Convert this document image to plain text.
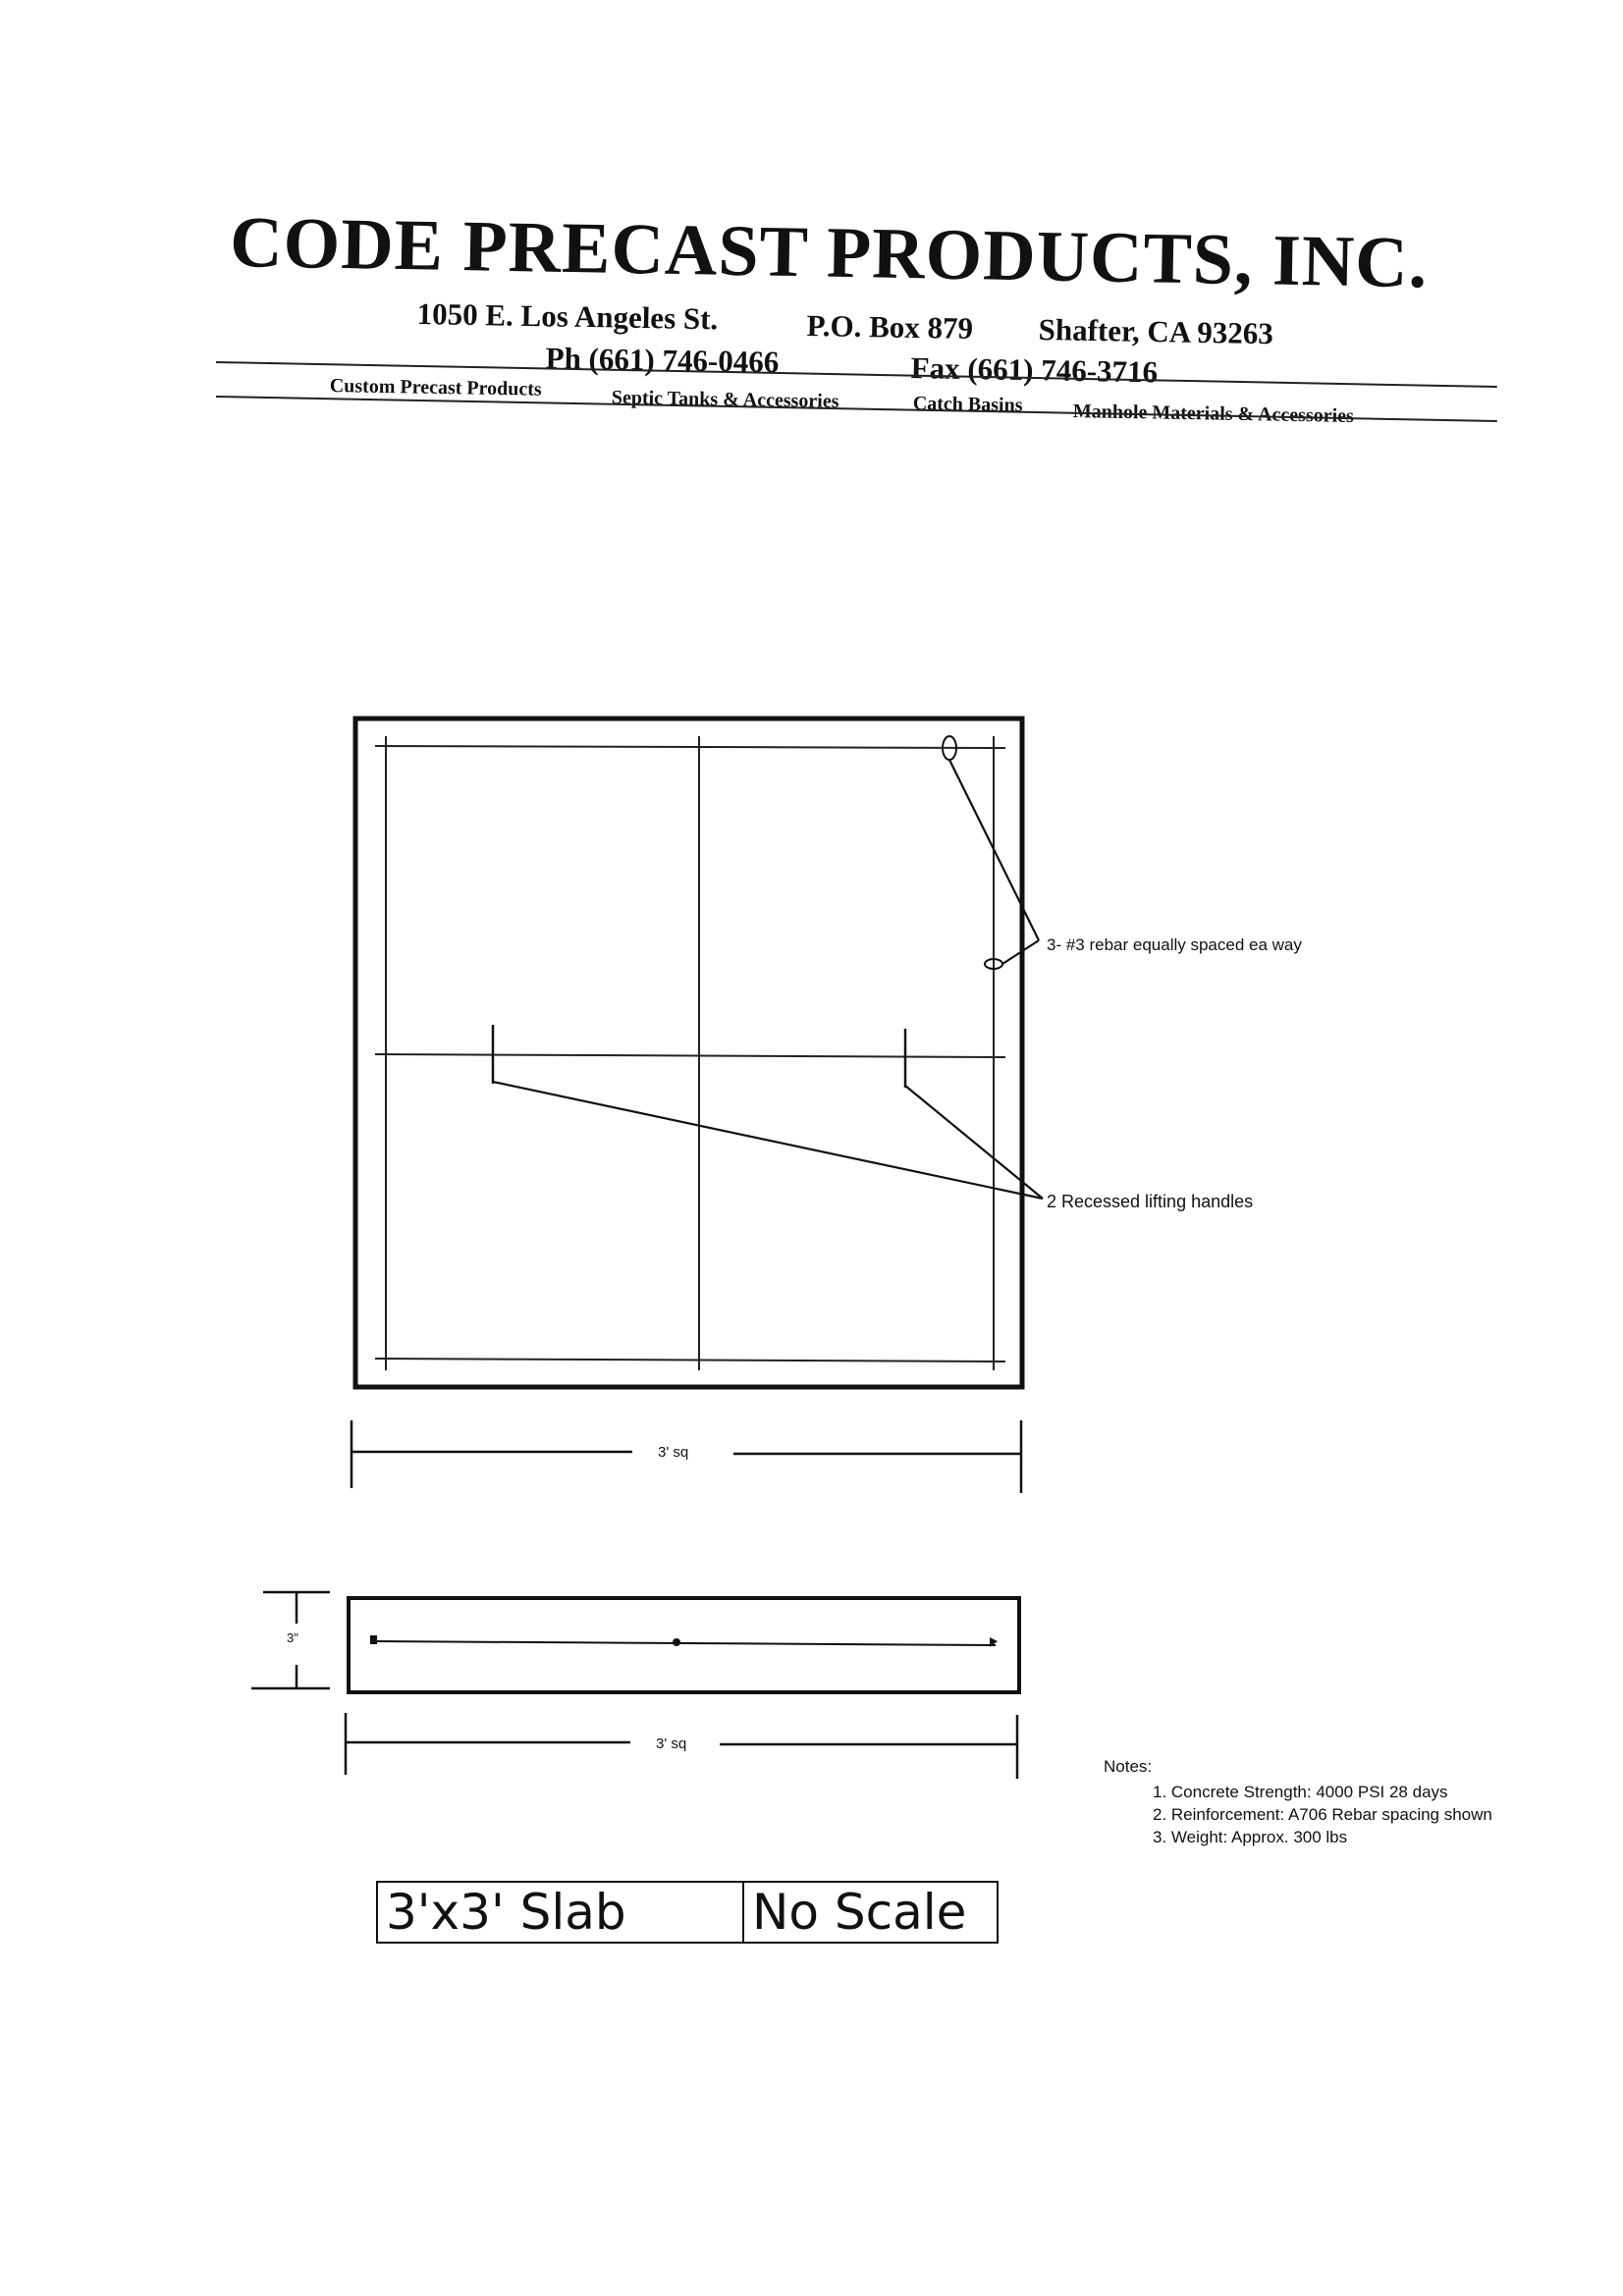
CODE PRECAST PRODUCTS, INC.
1050 E. Los Angeles St.	P.O. Box 879 Shafter, CA 93263
Ph (661) 746-0466	Fax (661) 746-3716
Custom Precast Products	Septic Tanks & Accessories	Catch Basins	Manhole Materials & Accessories
3- #3 rebar equally spaced ea way
2 Recessed lifting handles
3' sq
3"
3' sq
Notes:
1. Concrete Strength: 4000 PSI 28 days
2. Reinforcement: A706 Rebar spacing shown
3. Weight: Approx. 300 lbs
3'x3' Slab	No Scale
